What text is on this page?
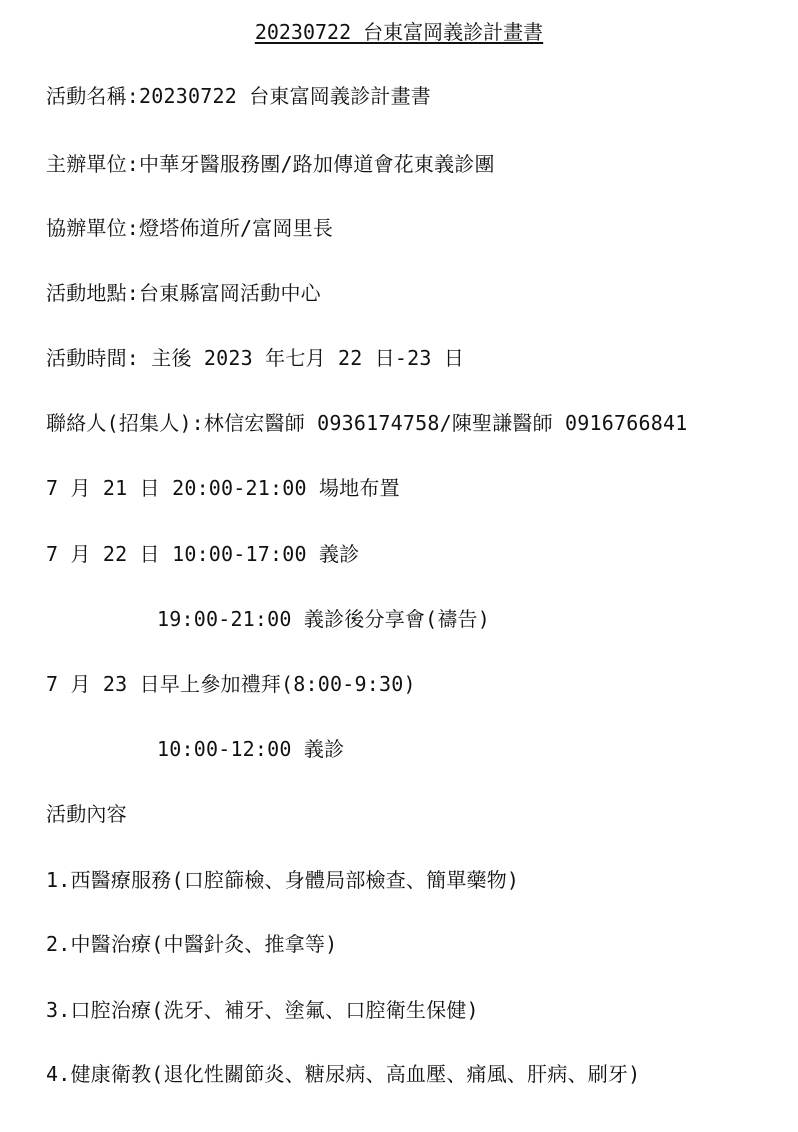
20230722 台東富岡義診計畫書
活動名稱:20230722 台東富岡義診計畫書
主辦單位:中華牙醫服務團/路加傳道會花東義診團
協辦單位:燈塔佈道所/富岡里長
活動地點:台東縣富岡活動中心
活動時間: 主後 2023 年七月 22 日-23 日
聯絡人(招集人):林信宏醫師 0936174758/陳聖謙醫師 0916766841
7 月 21 日 20:00-21:00 場地布置
7 月 22 日 10:00-17:00 義診
19:00-21:00 義診後分享會(禱告)
7 月 23 日早上參加禮拜(8:00-9:30)
10:00-12:00 義診
活動內容
1.西醫療服務(口腔篩檢、身體局部檢查、簡單藥物)
2.中醫治療(中醫針灸、推拿等)
3.口腔治療(洗牙、補牙、塗氟、口腔衛生保健)
4.健康衛教(退化性關節炎、糖尿病、高血壓、痛風、肝病、刷牙)
